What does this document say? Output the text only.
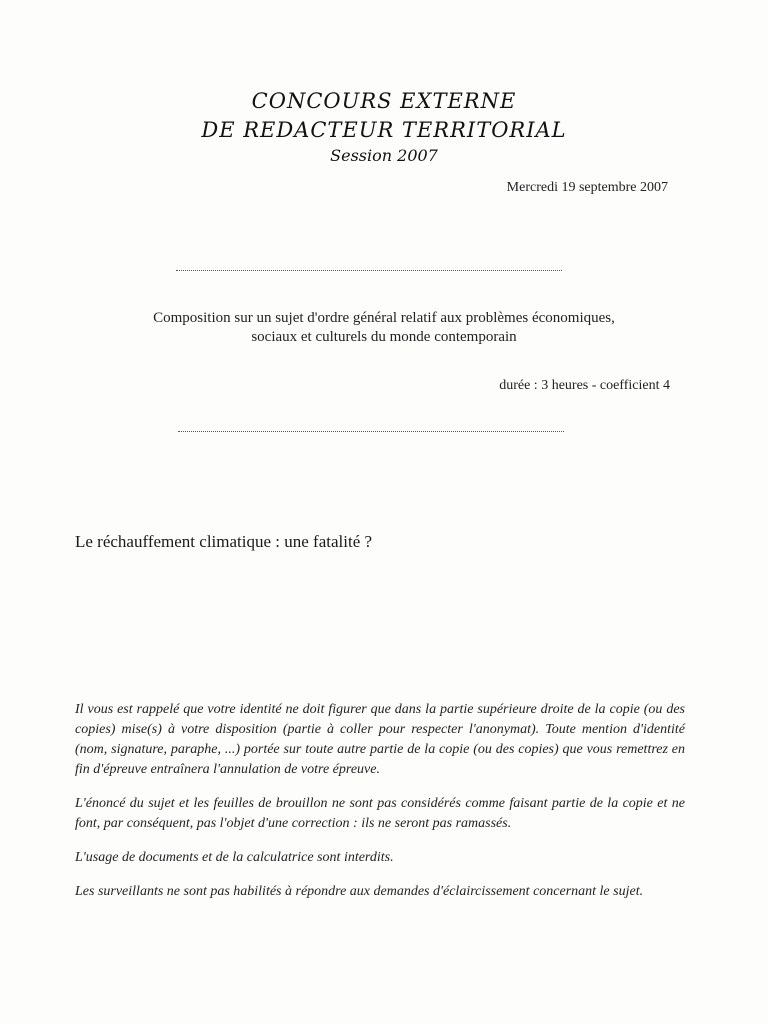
CONCOURS EXTERNE
DE REDACTEUR TERRITORIAL
Session 2007
Mercredi 19 septembre 2007
Composition sur un sujet d'ordre général relatif aux problèmes économiques,
sociaux et culturels du monde contemporain
durée : 3 heures - coefficient 4
Le réchauffement climatique : une fatalité ?

Il vous est rappelé que votre identité ne doit figurer que dans la partie supérieure droite de la copie (ou des copies) mise(s) à votre disposition (partie à coller pour respecter l'anonymat). Toute mention d'identité (nom, signature, paraphe, ...) portée sur toute autre partie de la copie (ou des copies) que vous remettrez en fin d'épreuve entraînera l'annulation de votre épreuve.

L'énoncé du sujet et les feuilles de brouillon ne sont pas considérés comme faisant partie de la copie et ne font, par conséquent, pas l'objet d'une correction : ils ne seront pas ramassés.

L'usage de documents et de la calculatrice sont interdits.

Les surveillants ne sont pas habilités à répondre aux demandes d'éclaircissement concernant le sujet.
